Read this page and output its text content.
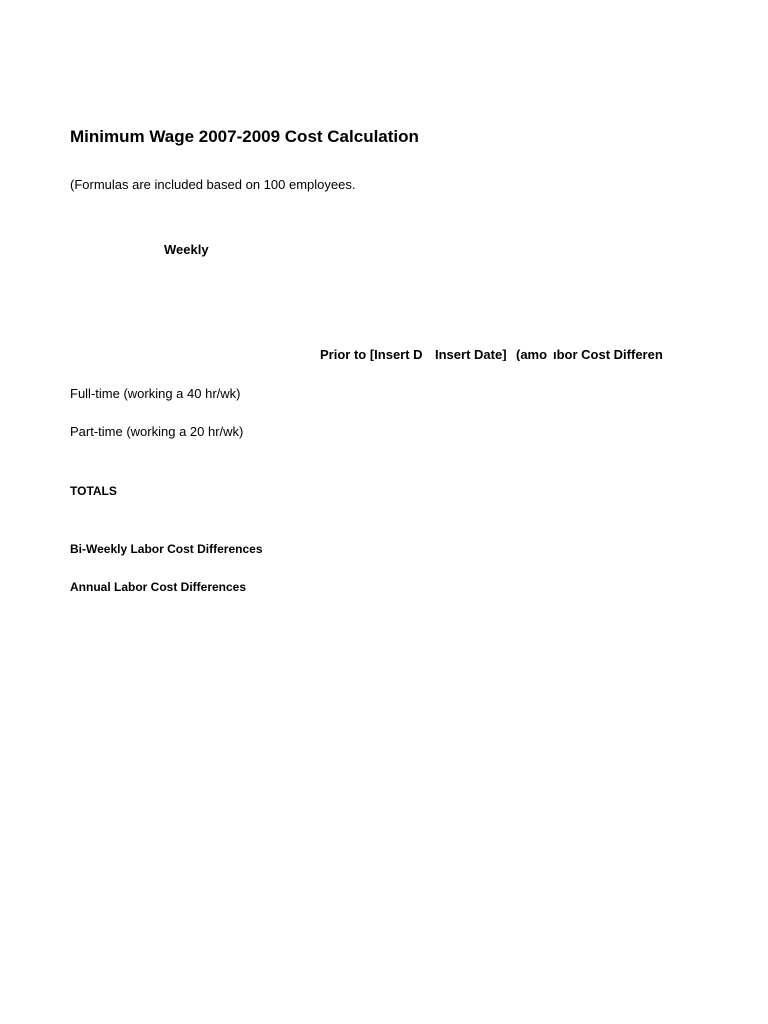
Minimum Wage 2007-2009 Cost Calculation
(Formulas are included based on 100 employees.
Weekly
Prior to [Insert D Insert Date] (amo ıbor Cost Differen
Full-time (working a 40 hr/wk)
Part-time (working a 20 hr/wk)
TOTALS
Bi-Weekly Labor Cost Differences
Annual Labor Cost Differences
